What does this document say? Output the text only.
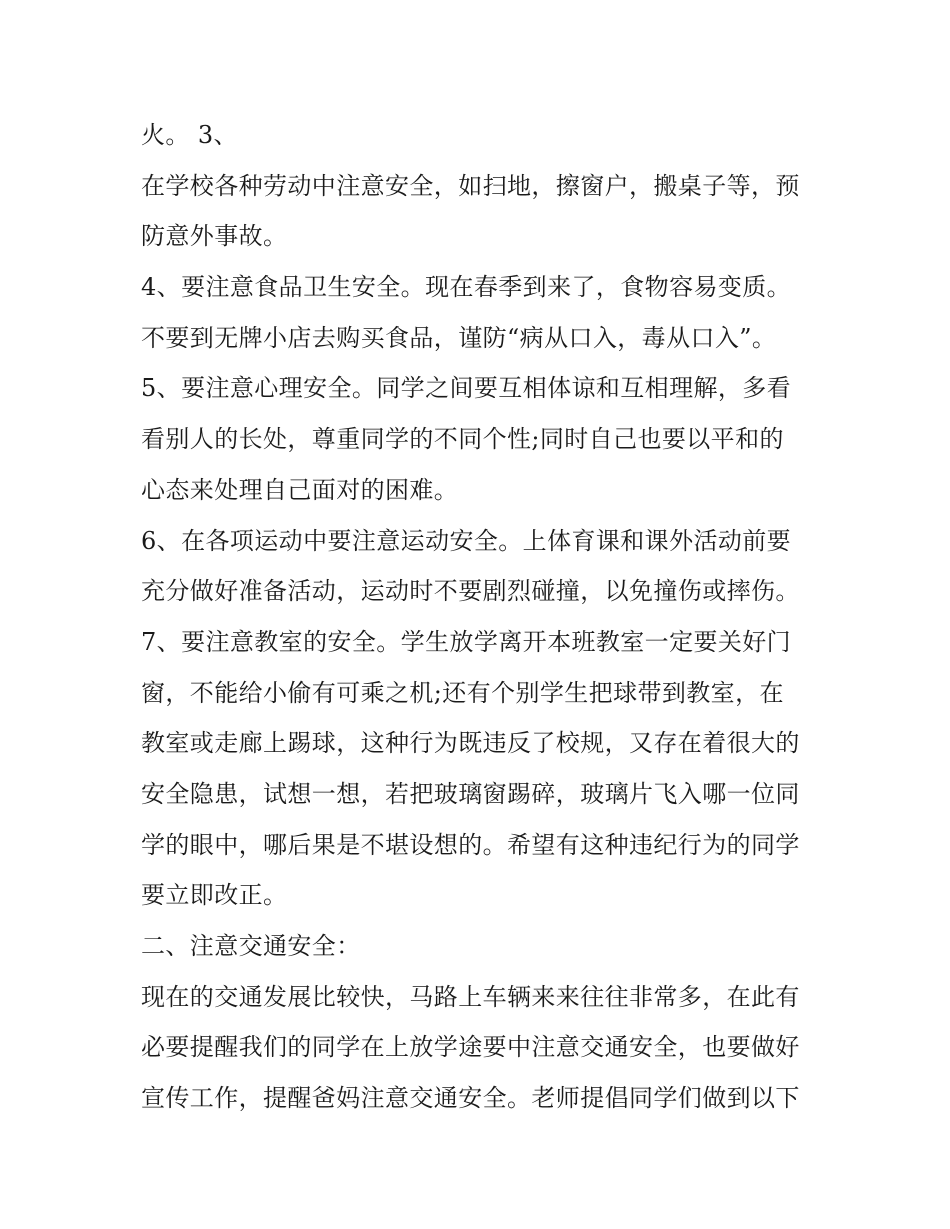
火。 3、
在学校各种劳动中注意安全，如扫地，擦窗户，搬桌子等，预
防意外事故。
4、要注意食品卫生安全。现在春季到来了，食物容易变质。
不要到无牌小店去购买食品，谨防“病从口入，毒从口入”。
5、要注意心理安全。同学之间要互相体谅和互相理解，多看
看别人的长处，尊重同学的不同个性;同时自己也要以平和的
心态来处理自己面对的困难。
6、在各项运动中要注意运动安全。上体育课和课外活动前要
充分做好准备活动，运动时不要剧烈碰撞，以免撞伤或摔伤。
7、要注意教室的安全。学生放学离开本班教室一定要关好门
窗，不能给小偷有可乘之机;还有个别学生把球带到教室，在
教室或走廊上踢球，这种行为既违反了校规，又存在着很大的
安全隐患，试想一想，若把玻璃窗踢碎，玻璃片飞入哪一位同
学的眼中，哪后果是不堪设想的。希望有这种违纪行为的同学
要立即改正。
二、注意交通安全：
现在的交通发展比较快，马路上车辆来来往往非常多，在此有
必要提醒我们的同学在上放学途要中注意交通安全，也要做好
宣传工作，提醒爸妈注意交通安全。老师提倡同学们做到以下
